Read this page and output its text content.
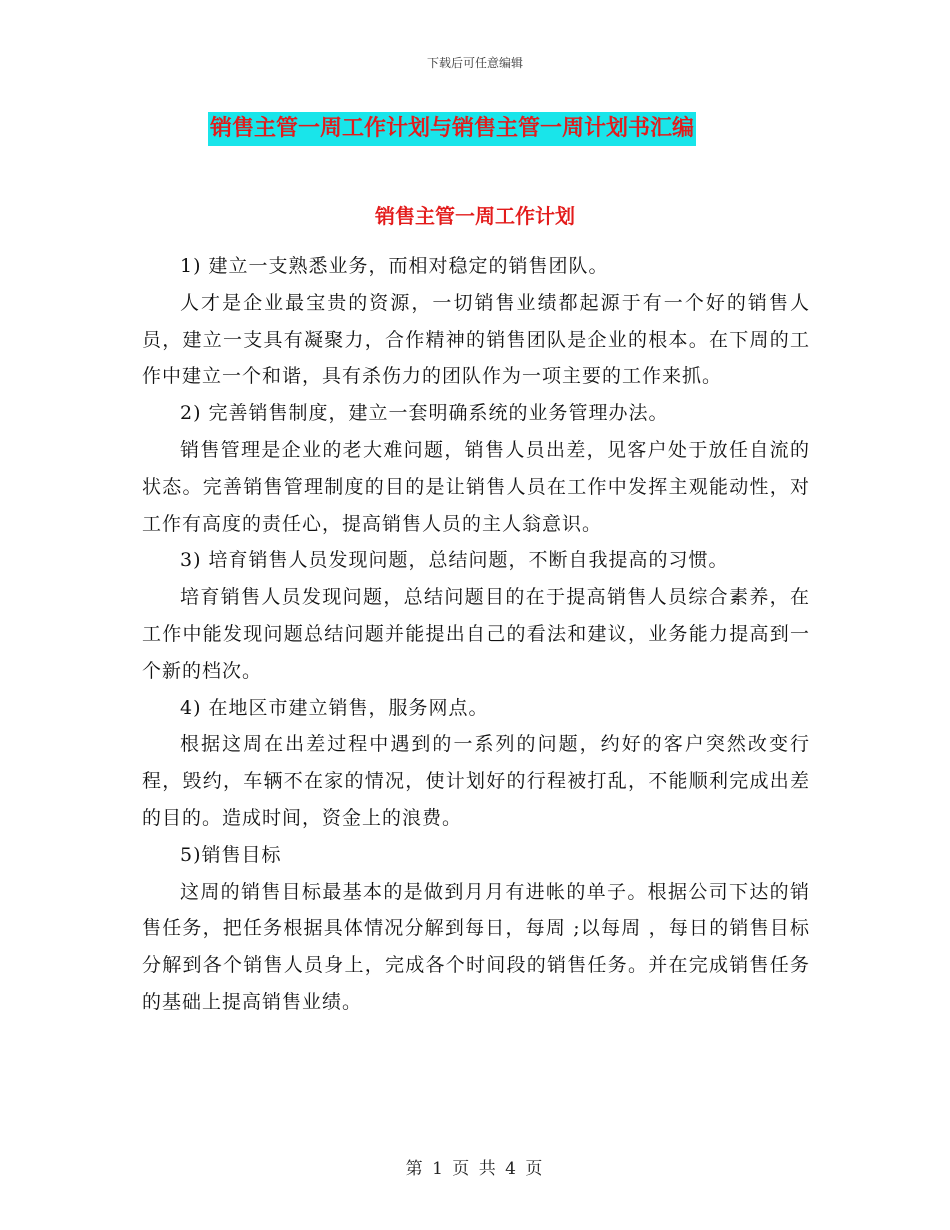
下载后可任意编辑
销售主管一周工作计划与销售主管一周计划书汇编
销售主管一周工作计划

1) 建立一支熟悉业务，而相对稳定的销售团队。

人才是企业最宝贵的资源，一切销售业绩都起源于有一个好的销售人员，建立一支具有凝聚力，合作精神的销售团队是企业的根本。在下周的工作中建立一个和谐，具有杀伤力的团队作为一项主要的工作来抓。

2) 完善销售制度，建立一套明确系统的业务管理办法。

销售管理是企业的老大难问题，销售人员出差，见客户处于放任自流的状态。完善销售管理制度的目的是让销售人员在工作中发挥主观能动性，对工作有高度的责任心，提高销售人员的主人翁意识。

3) 培育销售人员发现问题，总结问题，不断自我提高的习惯。

培育销售人员发现问题，总结问题目的在于提高销售人员综合素养，在工作中能发现问题总结问题并能提出自己的看法和建议，业务能力提高到一个新的档次。

4) 在地区市建立销售，服务网点。

根据这周在出差过程中遇到的一系列的问题，约好的客户突然改变行程，毁约，车辆不在家的情况，使计划好的行程被打乱，不能顺利完成出差的目的。造成时间，资金上的浪费。

5)销售目标

这周的销售目标最基本的是做到月月有进帐的单子。根据公司下达的销售任务，把任务根据具体情况分解到每日，每周 ;以每周 ，每日的销售目标分解到各个销售人员身上，完成各个时间段的销售任务。并在完成销售任务的基础上提高销售业绩。

第 1 页 共 4 页
